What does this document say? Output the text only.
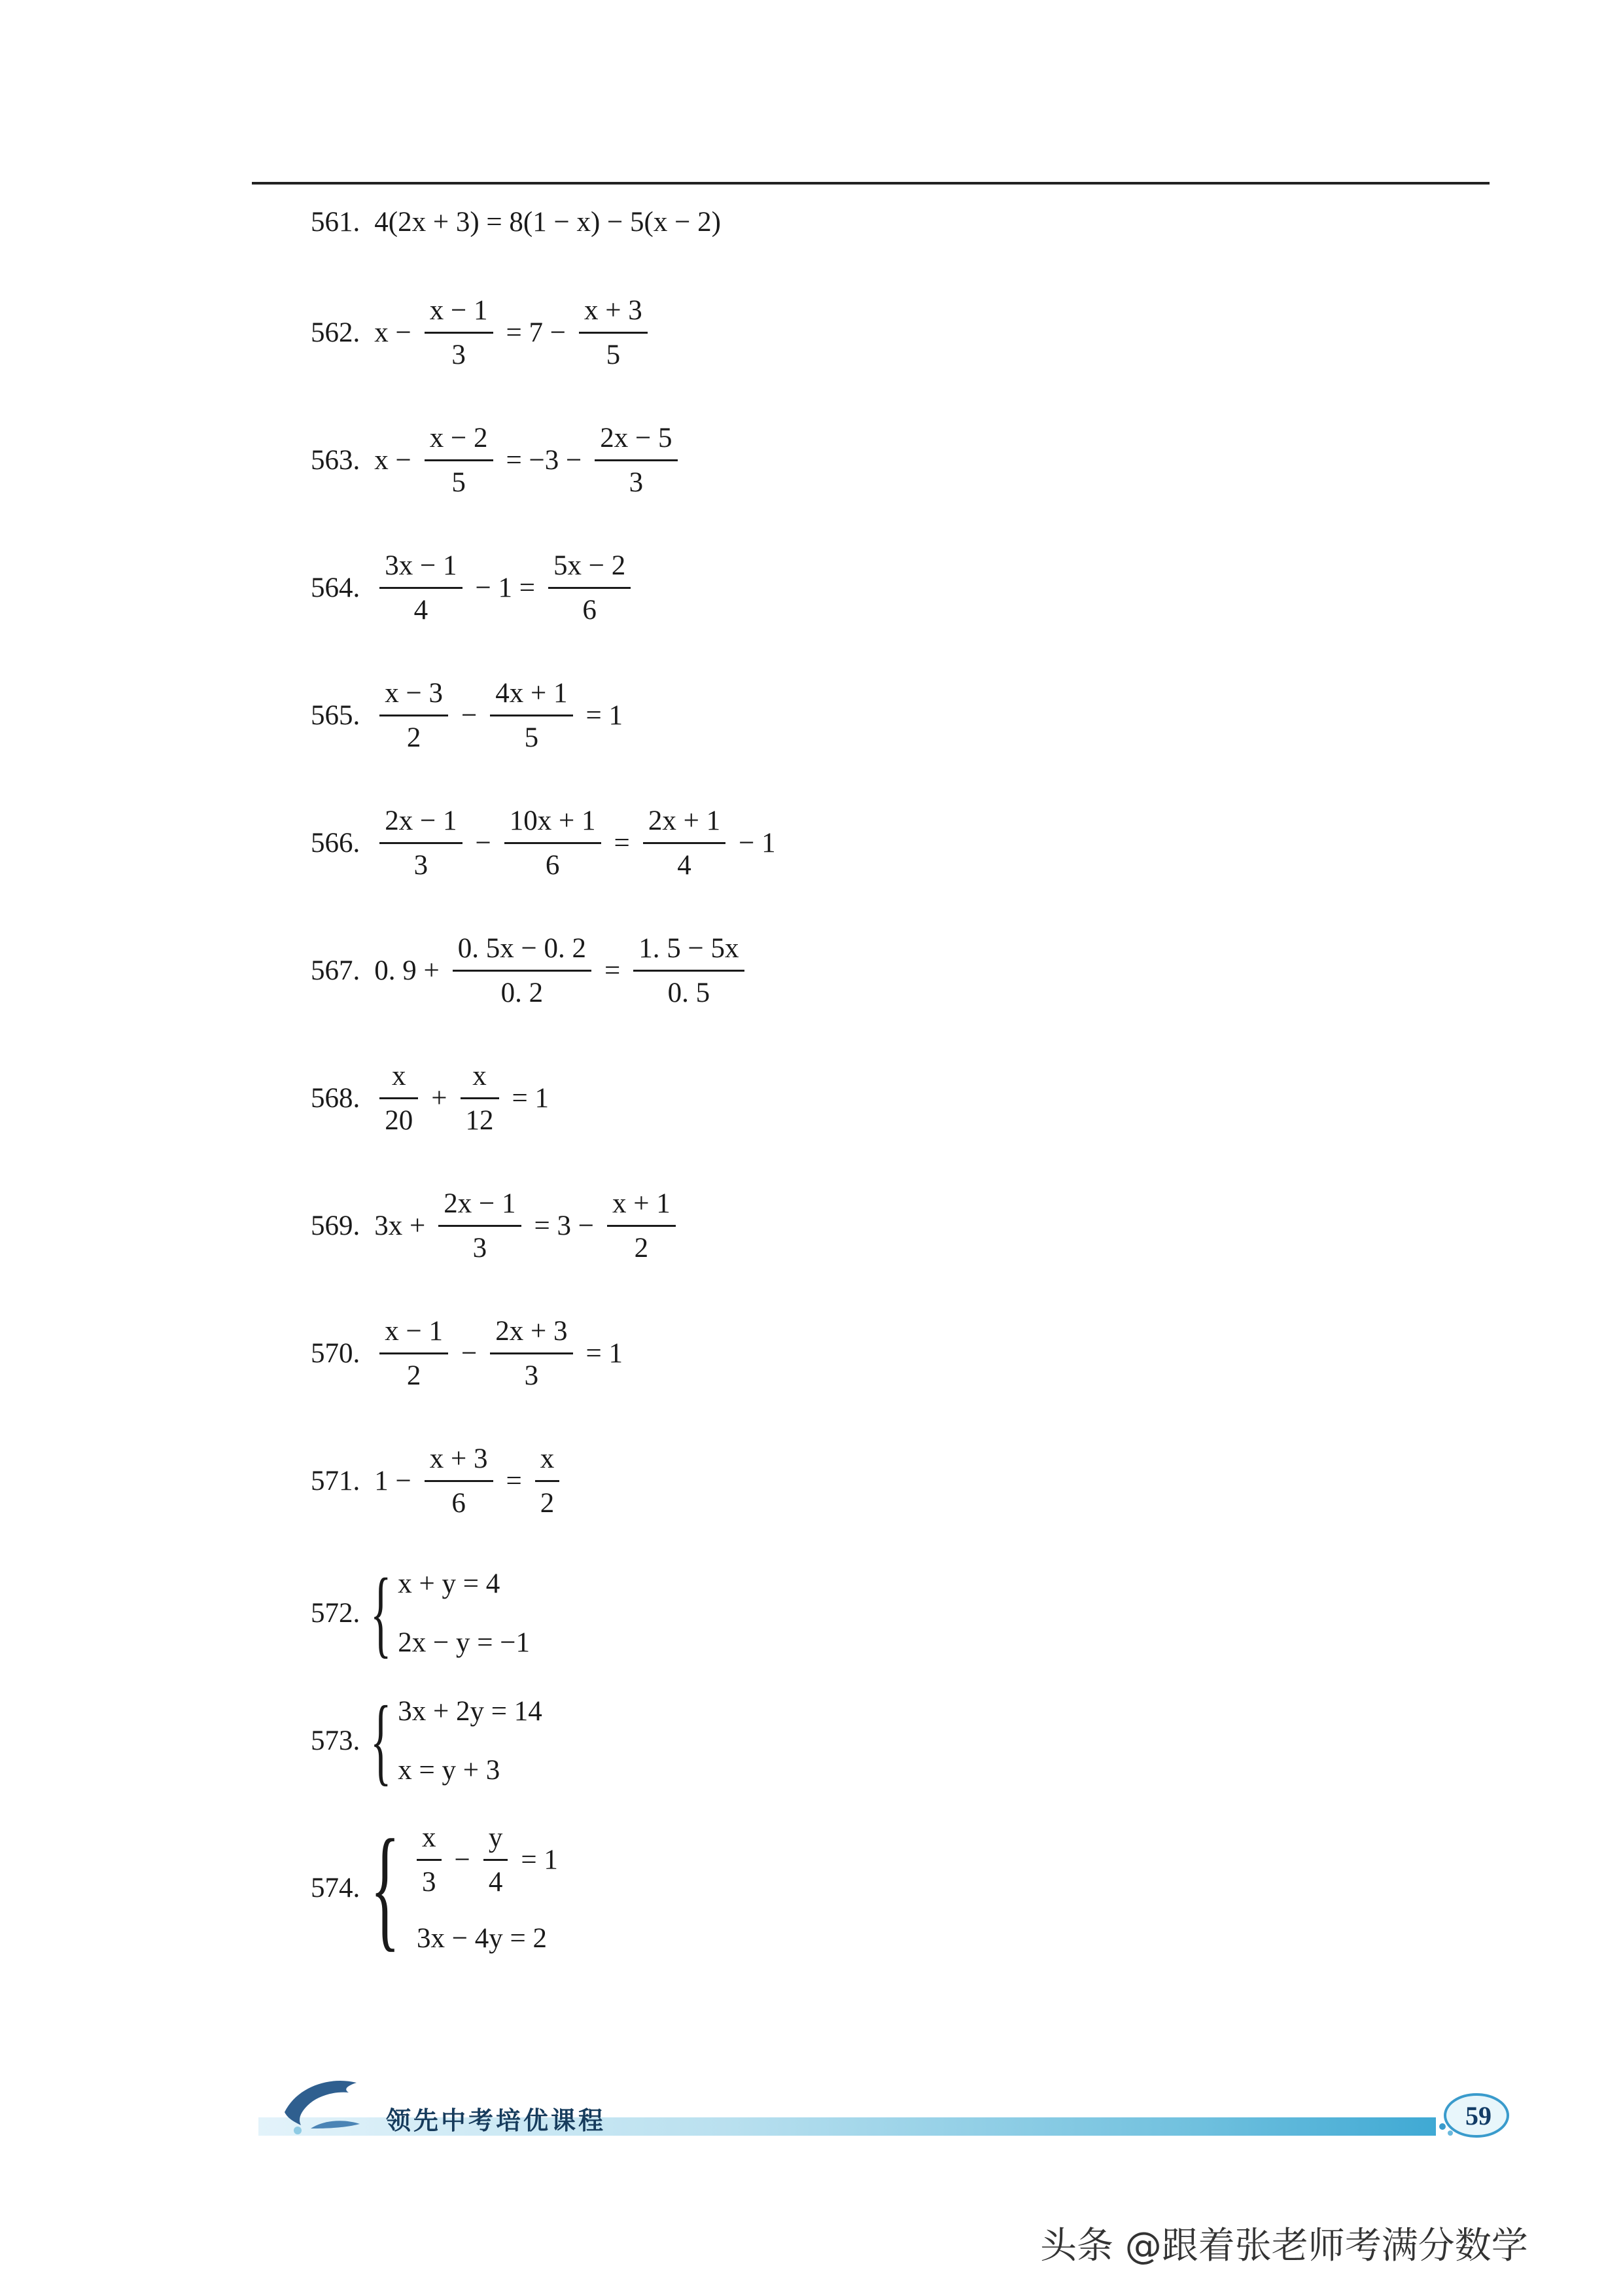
561. 4(2x + 3) = 8(1 − x) − 5(x − 2)
562. $x - \frac{x - 1}{3} = 7 - \frac{x + 3}{5}$
563. $x - \frac{x - 2}{5} = -3 - \frac{2x - 5}{3}$
564. $\frac{3x - 1}{4} - 1 = \frac{5x - 2}{6}$
565. $\frac{x - 3}{2} - \frac{4x + 1}{5} = 1$
566. $\frac{2x - 1}{3} - \frac{10x + 1}{6} = \frac{2x + 1}{4} - 1$
567. 0. $9 + \frac{0. 5x - 0. 2}{0. 2} = \frac{1. 5 - 5x}{0. 5}$
568. $\frac{x}{20} + \frac{x}{12} = 1$
569. $3x + \frac{2x - 1}{3} = 3 - \frac{x + 1}{2}$
570. $\frac{x - 1}{2} - \frac{2x + 3}{3} = 1$
571. $1 - \frac{x + 3}{6} = \frac{x}{2}$
572. { x + y = 4
2x − y = −1
573. { 3x + 2y = 14
x = y + 3
574. { $\frac{x}{3} - \frac{y}{4} = 1$
3x − 4y = 2
领先中考培优课程	59
头条 @跟着张老师考满分数学
